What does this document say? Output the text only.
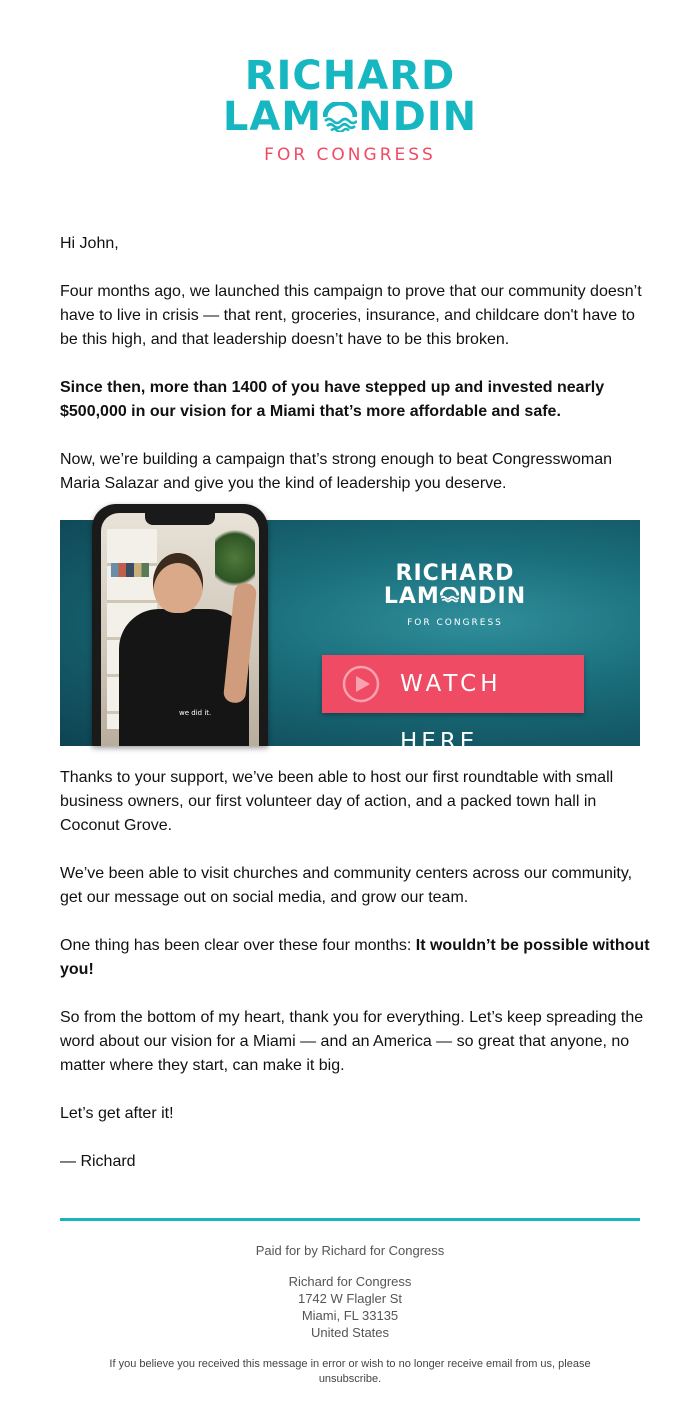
RICHARD
LAM NDIN
FOR CONGRESS

Hi John,

Four months ago, we launched this campaign to prove that our community doesn’t have to live in crisis — that rent, groceries, insurance, and childcare don't have to be this high, and that leadership doesn’t have to be this broken.

Since then, more than 1400 of you have stepped up and invested nearly $500,000 in our vision for a Miami that’s more affordable and safe.

Now, we’re building a campaign that’s strong enough to beat Congresswoman Maria Salazar and give you the kind of leadership you deserve.

we did it.
RICHARD
LAM NDIN
FOR CONGRESS
WATCH HERE

Thanks to your support, we’ve been able to host our first roundtable with small business owners, our first volunteer day of action, and a packed town hall in Coconut Grove.

We’ve been able to visit churches and community centers across our community, get our message out on social media, and grow our team.

One thing has been clear over these four months: It wouldn’t be possible without you!

So from the bottom of my heart, thank you for everything. Let’s keep spreading the word about our vision for a Miami — and an America — so great that anyone, no matter where they start, can make it big.

Let’s get after it!

— Richard

Paid for by Richard for Congress
Richard for Congress
1742 W Flagler St
Miami, FL 33135
United States
If you believe you received this message in error or wish to no longer receive email from us, please
unsubscribe.
